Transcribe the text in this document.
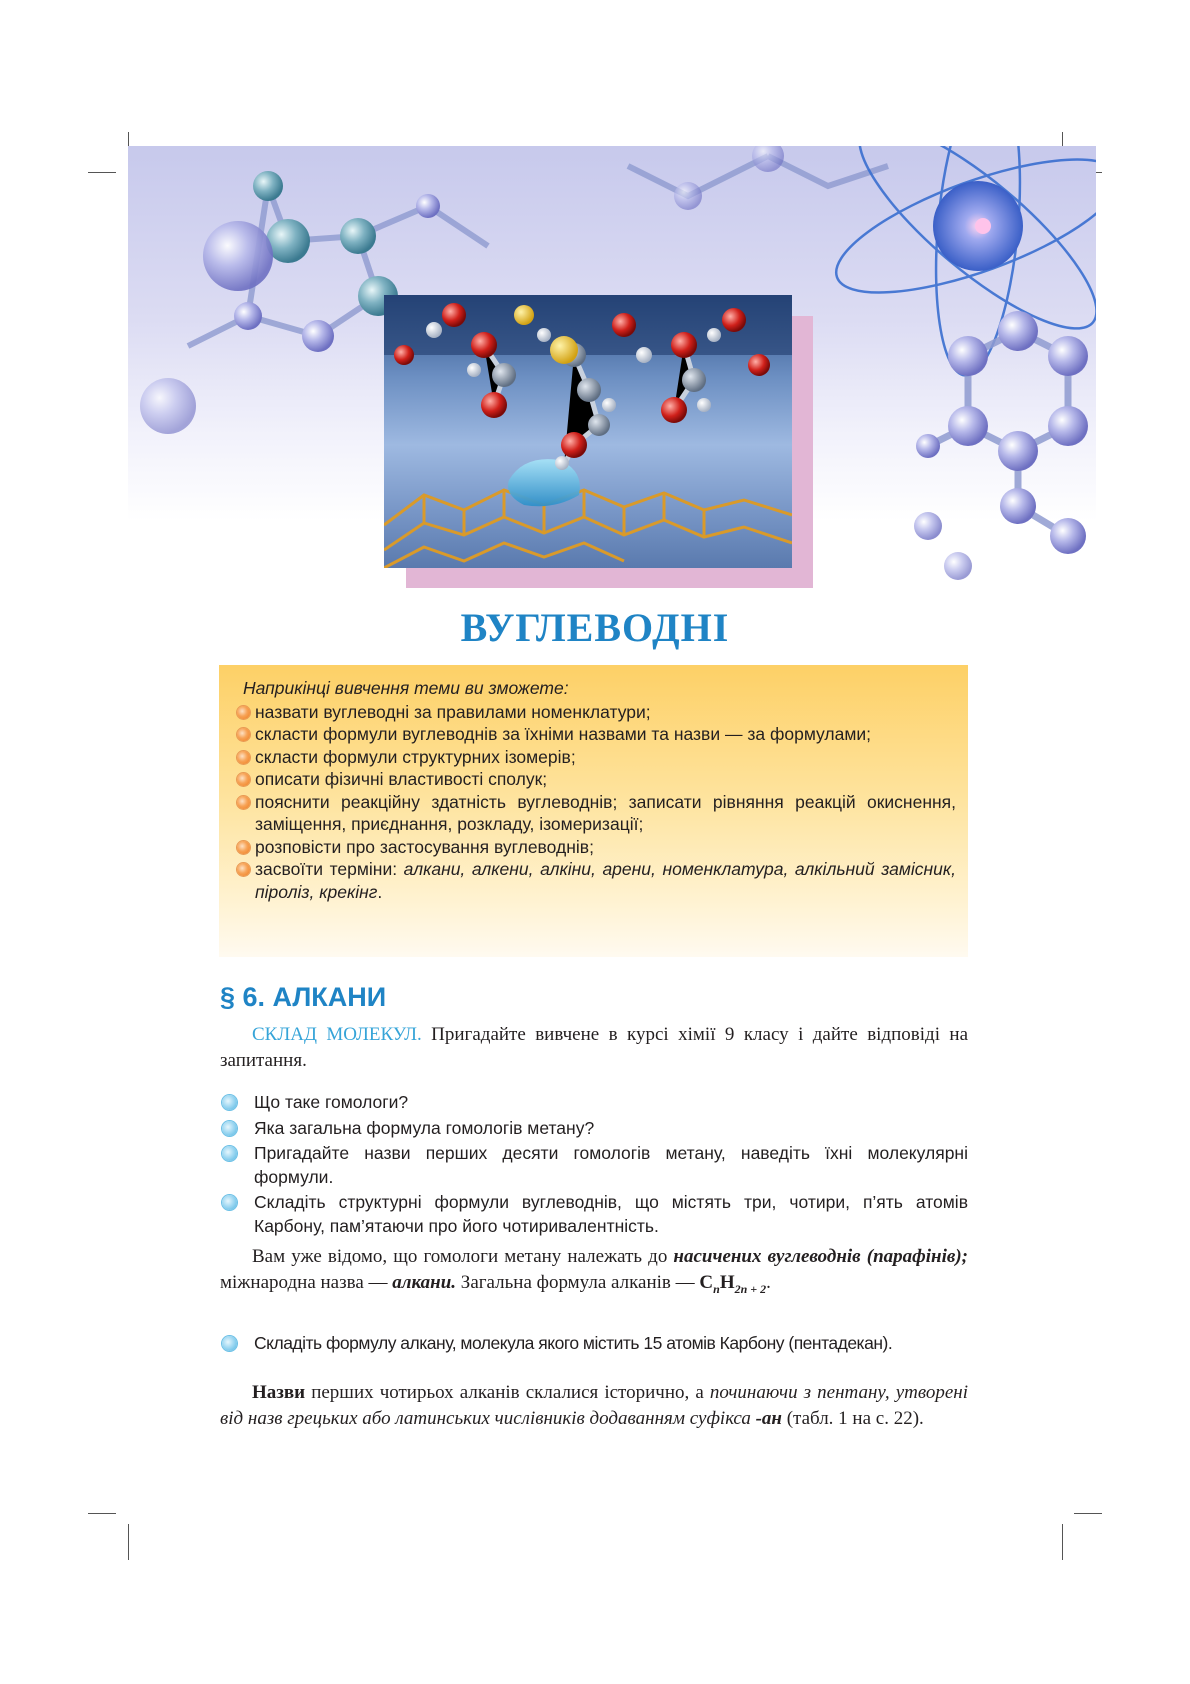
ВУГЛЕВОДНІ
Наприкінці вивчення теми ви зможете:
назвати вуглеводні за правилами номенклатури;
скласти формули вуглеводнів за їхніми назвами та назви — за формулами;
скласти формули структурних ізомерів;
описати фізичні властивості сполук;
пояснити реакційну здатність вуглеводнів; записати рівняння реакцій окиснення, заміщення, приєднання, розкладу, ізомеризації;
розповісти про застосування вуглеводнів;
засвоїти терміни: алкани, алкени, алкіни, арени, номенклатура, алкільний замісник, піроліз, крекінг.
§ 6. АЛКАНИ
СКЛАД МОЛЕКУЛ. Пригадайте вивчене в курсі хімії 9 класу і дайте відповіді на запитання.
Що таке гомологи?
Яка загальна формула гомологів метану?
Пригадайте назви перших десяти гомологів метану, наведіть їхні молекулярні формули.
Складіть структурні формули вуглеводнів, що містять три, чотири, п’ять атомів Карбону, пам’ятаючи про його чотиривалентність.
Вам уже відомо, що гомологи метану належать до насичених вуглеводнів (парафінів); міжнародна назва — алкани. Загальна формула алканів — $C_nH_{2n + 2}$.
Складіть формулу алкану, молекула якого містить 15 атомів Карбону (пентадекан).
Назви перших чотирьох алканів склалися історично, а починаючи з пентану, утворені від назв грецьких або латинських числівників додаванням суфікса -ан (табл. 1 на с. 22).
